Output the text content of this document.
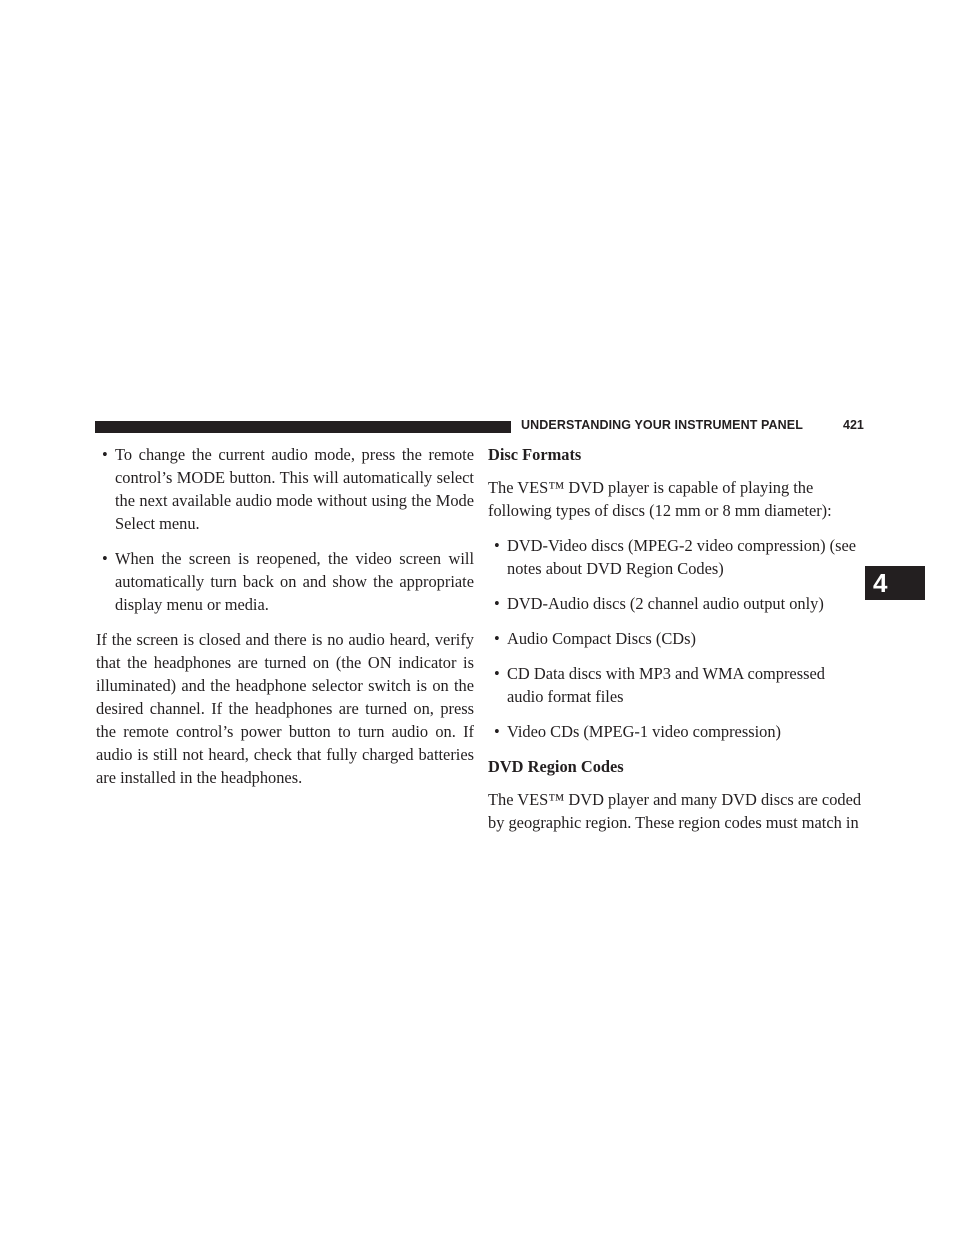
UNDERSTANDING YOUR INSTRUMENT PANEL	421
4
• To change the current audio mode, press the remote control’s MODE button. This will automatically select the next available audio mode without using the Mode Select menu.
• When the screen is reopened, the video screen will automatically turn back on and show the appropriate display menu or media.

If the screen is closed and there is no audio heard, verify that the headphones are turned on (the ON indicator is illuminated) and the headphone selector switch is on the desired channel. If the headphones are turned on, press the remote control’s power button to turn audio on. If audio is still not heard, check that fully charged batteries are installed in the headphones.

Disc Formats

The VES™ DVD player is capable of playing the following types of discs (12 mm or 8 mm diameter):

• DVD-Video discs (MPEG-2 video compression) (see notes about DVD Region Codes)
• DVD-Audio discs (2 channel audio output only)
• Audio Compact Discs (CDs)
• CD Data discs with MP3 and WMA compressed audio format files
• Video CDs (MPEG-1 video compression)
DVD Region Codes

The VES™ DVD player and many DVD discs are coded by geographic region. These region codes must match in
